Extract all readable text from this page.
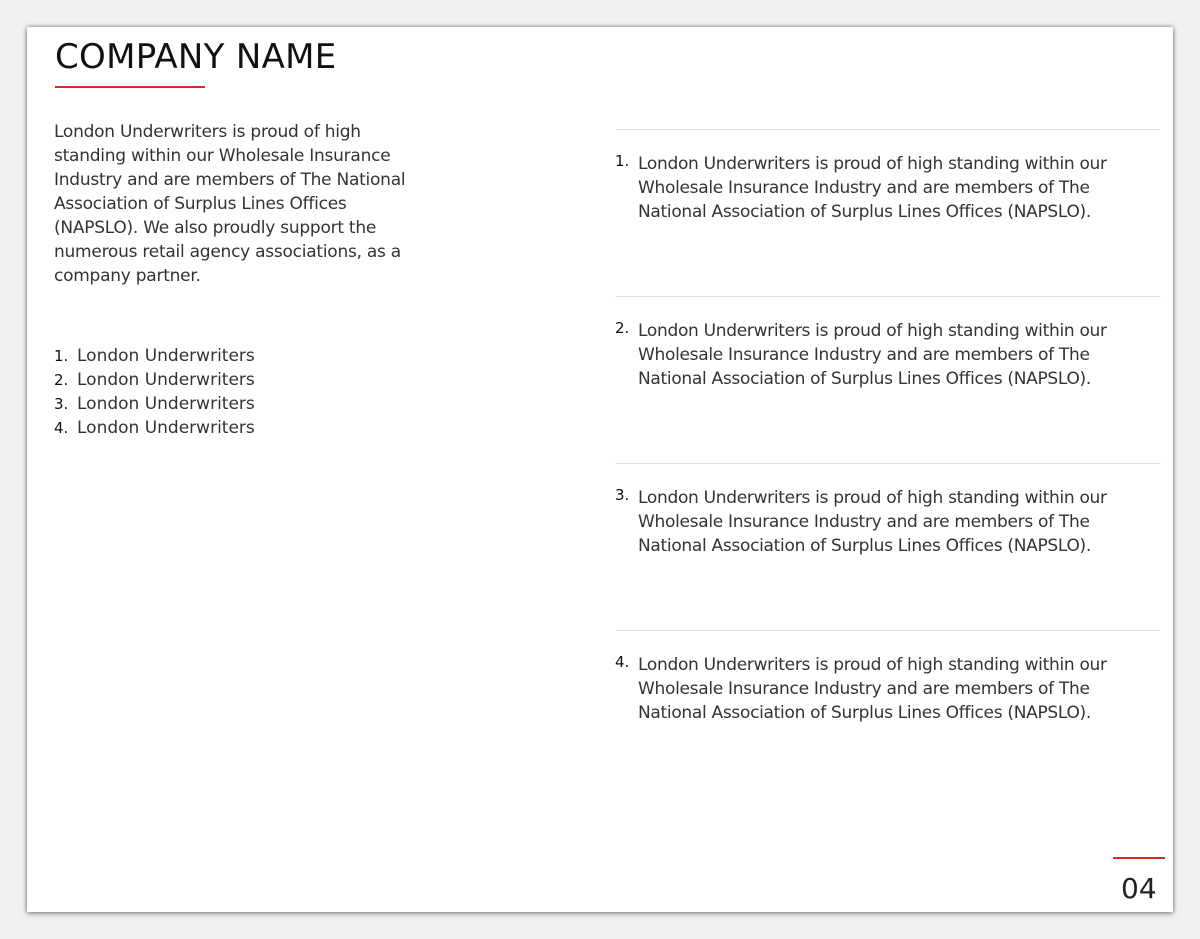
COMPANY NAME

London Underwriters is proud of high standing within our Wholesale Insurance Industry and are members of The National Association of Surplus Lines Offices (NAPSLO). We also proudly support the numerous retail agency associations, as a company partner.

1. London Underwriters
2. London Underwriters
3. London Underwriters
4. London Underwriters
1. London Underwriters is proud of high standing within our Wholesale Insurance Industry and are members of The National Association of Surplus Lines Offices (NAPSLO).

2. London Underwriters is proud of high standing within our Wholesale Insurance Industry and are members of The National Association of Surplus Lines Offices (NAPSLO).

3. London Underwriters is proud of high standing within our Wholesale Insurance Industry and are members of The National Association of Surplus Lines Offices (NAPSLO).

4. London Underwriters is proud of high standing within our Wholesale Insurance Industry and are members of The National Association of Surplus Lines Offices (NAPSLO).

04
